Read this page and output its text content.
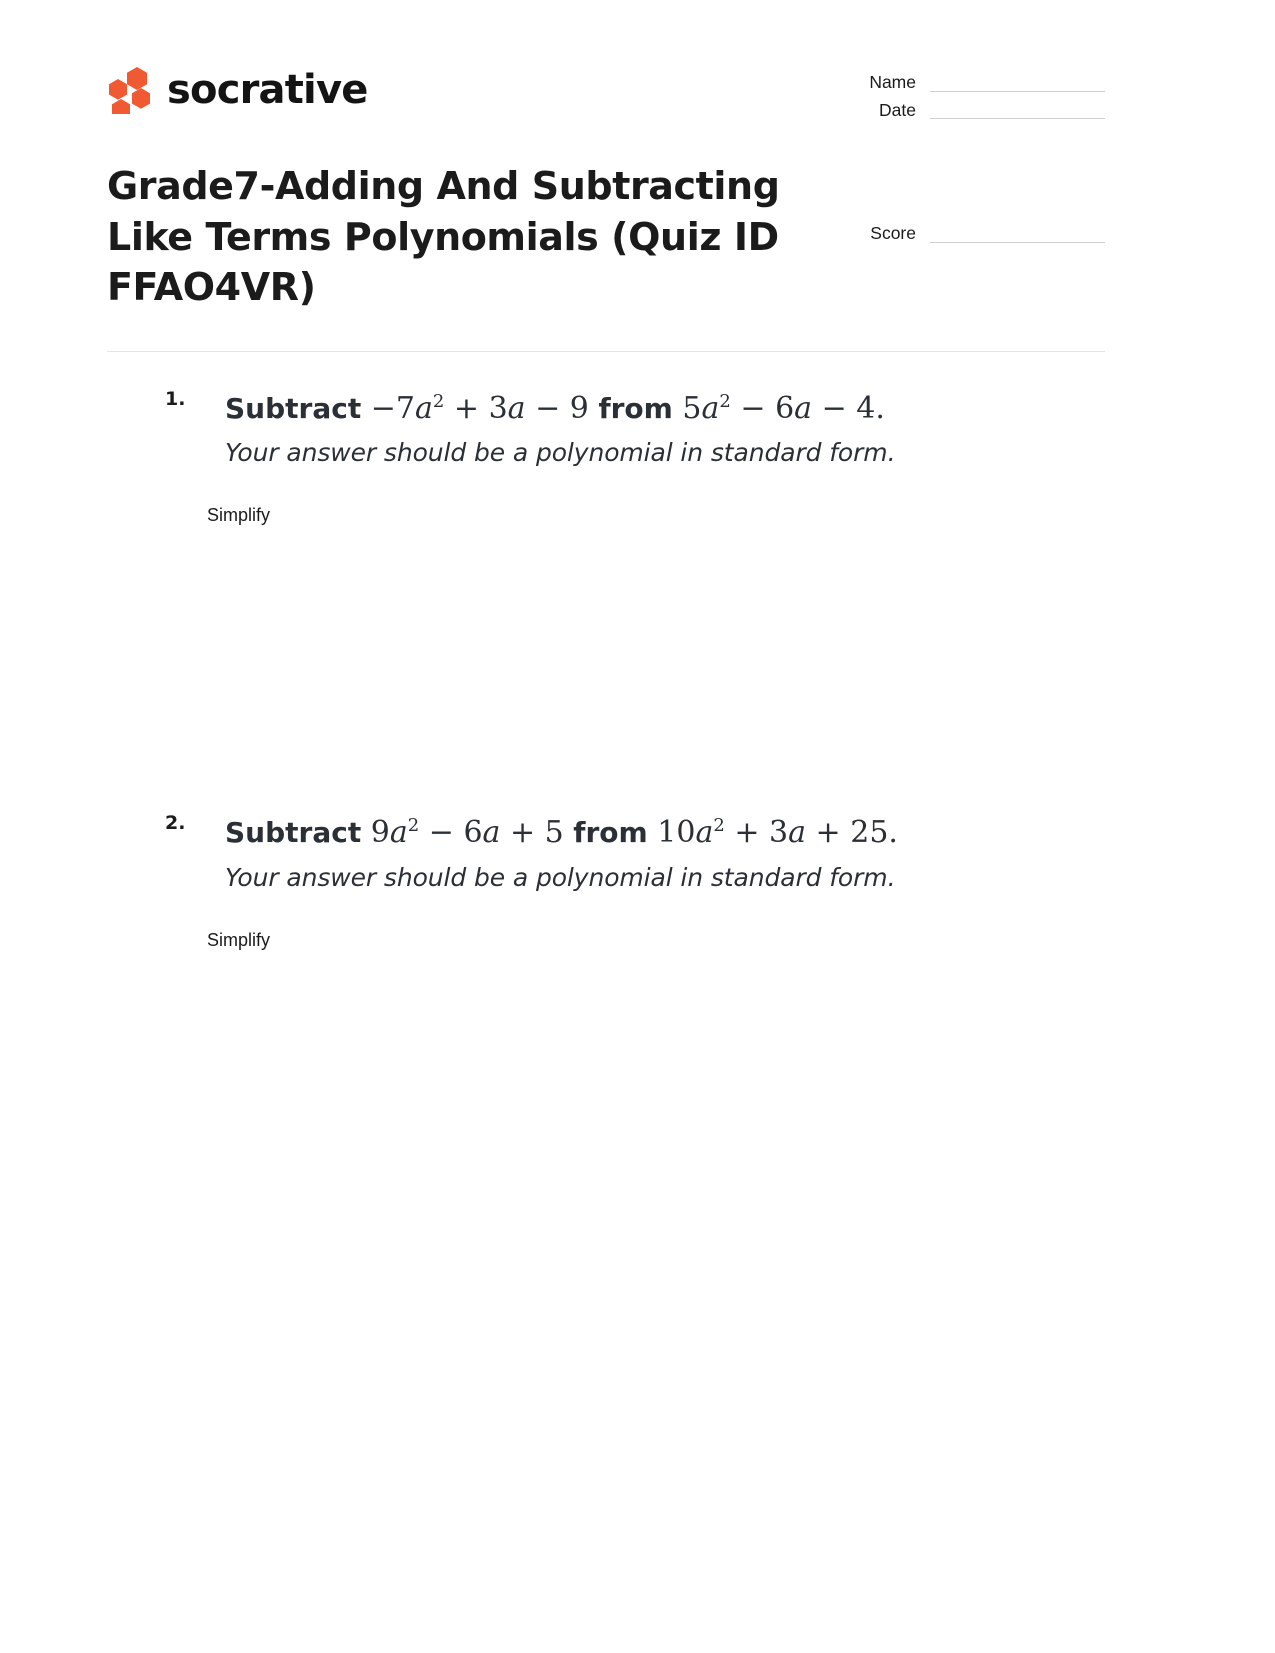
socrative	Name
Date
Grade7-Adding And Subtracting Like Terms Polynomials (Quiz ID FFAO4VR)
Score
1. Subtract $-7a^2 + 3a - 9$ from $5a^2 - 6a - 4$.
Your answer should be a polynomial in standard form.
Simplify
2. Subtract $9a^2 - 6a + 5$ from $10a^2 + 3a + 25$.
Your answer should be a polynomial in standard form.
Simplify
